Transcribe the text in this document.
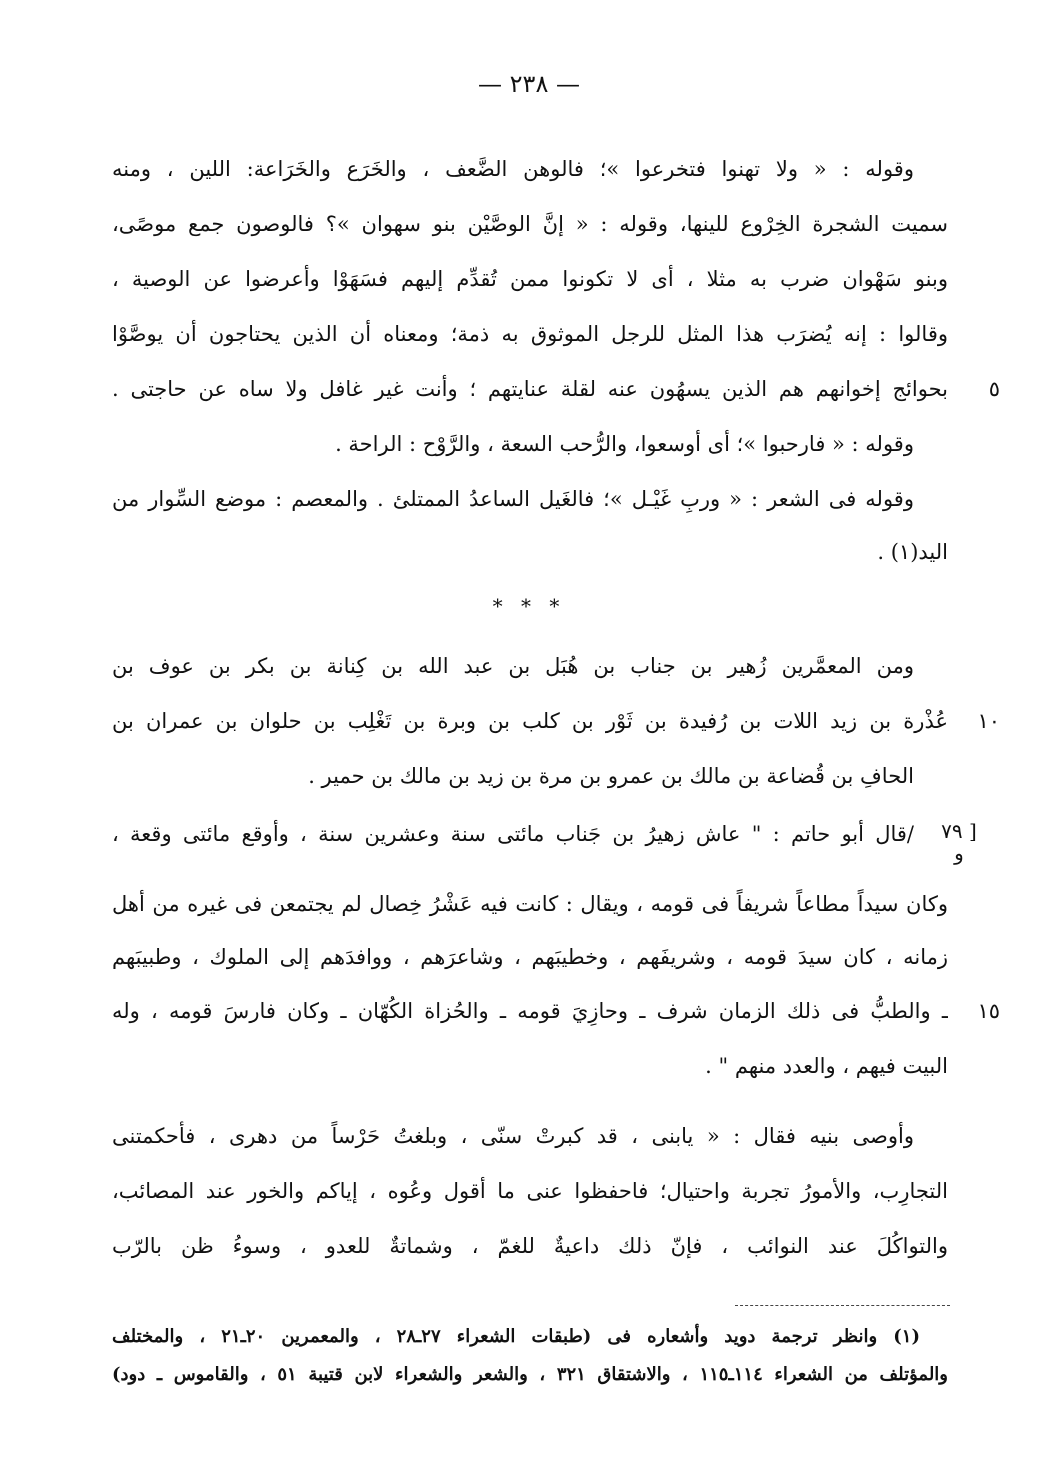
— ٢٣٨ —
وقوله : « ولا تهنوا فتخرعوا »؛ فالوهن الضَّعف ، والخَرَع والخَرَاعة: اللين ، ومنه
سميت الشجرة الخِرْوع للينها، وقوله : « إنَّ الوصَّيْن بنو سهوان »؟ فالوصون جمع موصًى،
وبنو سَهْوان ضرب به مثلا ، أى لا تكونوا ممن تُقدِّم إليهم فسَهَوْا وأعرضوا عن الوصية ،
وقالوا : إنه يُضرَب هذا المثل للرجل الموثوق به ذمة؛ ومعناه أن الذين يحتاجون أن يوصَّوْا
بحوائج إخوانهم هم الذين يسهُون عنه لقلة عنايتهم ؛ وأنت غير غافل ولا ساه عن حاجتى .
وقوله : « فارحبوا »؛ أى أوسعوا، والرُّحب السعة ، والرَّوْح : الراحة .
وقوله فى الشعر : « وربِ غَيْـل »؛ فالغَيل الساعدُ الممتلئ . والمعصم : موضع السِّوار من
اليد(١) .
ومن المعمَّرين زُهير بن جناب بن هُبَل بن عبد الله بن كِنانة بن بكر بن عوف بن
عُذْرة بن زيد اللات بن رُفيدة بن ثَوْر بن كلب بن وبرة بن تَغْلِب بن حلوان بن عمران بن
الحافِ بن قُضاعة بن مالك بن عمرو بن مرة بن زيد بن مالك بن حمير .
/قال أبو حاتم : " عاش زهيرُ بن جَناب مائتى سنة وعشرين سنة ، وأوقع مائتى وقعة ،
وكان سيداً مطاعاً شريفاً فى قومه ، ويقال : كانت فيه عَشْرُ خِصال لم يجتمعن فى غيره من أهل
زمانه ، كان سيدَ قومه ، وشريفَهم ، وخطيبَهم ، وشاعرَهم ، ووافدَهم إلى الملوك ، وطبيبَهم
ـ والطبُّ فى ذلك الزمان شرف ـ وحازِيَ قومه ـ والحُزاة الكُهّان ـ وكان فارسَ قومه ، وله
البيت فيهم ، والعدد منهم " .
وأوصى بنيه فقال : « يابنى ، قد كبرتْ سنّى ، وبلغتُ حَرْساً من دهرى ، فأحكمتنى
التجارِب، والأمورُ تجربة واحتيال؛ فاحفظوا عنى ما أقول وعُوه ، إياكم والخور عند المصائب،
والتواكُلَ عند النوائب ، فإنّ ذلك داعيةٌ للغمّ ، وشماتةٌ للعدو ، وسوءُ ظن بالرّب
(١) وانظر ترجمة دويد وأشعاره فى (طبقات الشعراء ٢٧ـ٢٨ ، والمعمرين ٢٠ـ٢١ ، والمختلف
والمؤتلف من الشعراء ١١٤ـ١١٥ ، والاشتقاق ٣٢١ ، والشعر والشعراء لابن قتيبة ٥١ ، والقاموس ـ دود)
٥
١٠
١٥
[ ٧٩
و
* * *
